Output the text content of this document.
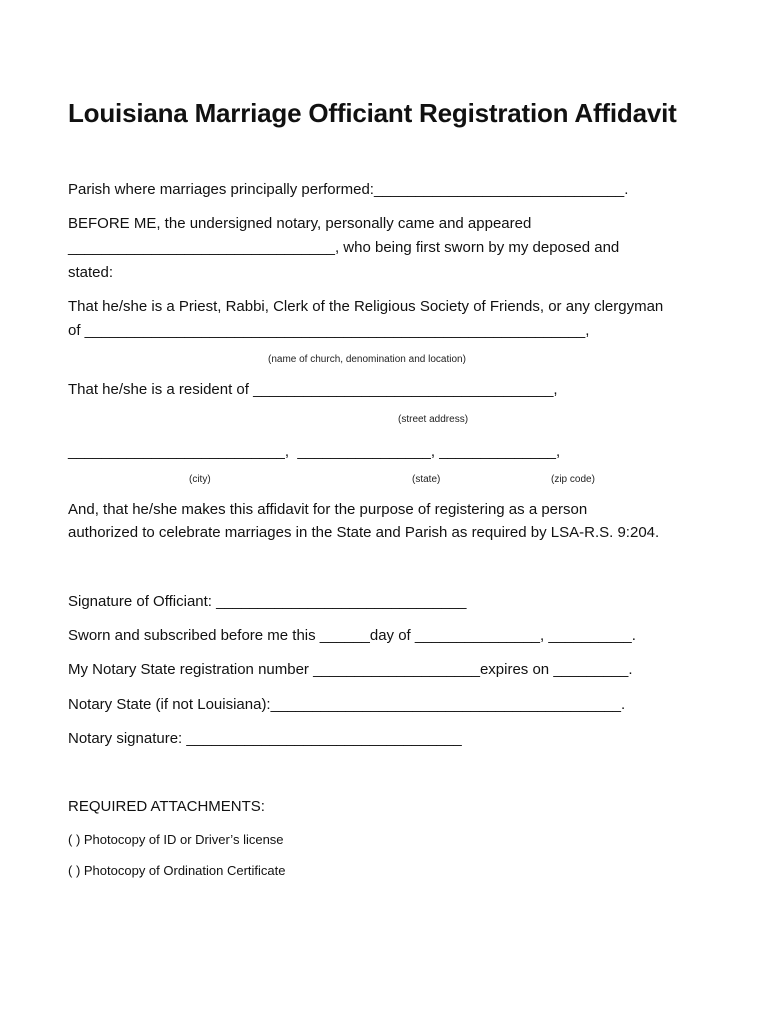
Louisiana Marriage Officiant Registration Affidavit
Parish where marriages principally performed:______________________________.
BEFORE ME, the undersigned notary, personally came and appeared
________________________________, who being first sworn by my deposed and
stated:
That he/she is a Priest, Rabbi, Clerk of the Religious Society of Friends, or any clergyman
of ____________________________________________________________,
(name of church, denomination and location)
That he/she is a resident of ____________________________________,
(street address)
__________________________,  ________________, ______________,
(city)	(state)	(zip code)
And, that he/she makes this affidavit for the purpose of registering as a person
authorized to celebrate marriages in the State and Parish as required by LSA-R.S. 9:204.
Signature of Officiant: ______________________________
Sworn and subscribed before me this ______day of _______________, __________.
My Notary State registration number ____________________expires on _________.
Notary State (if not Louisiana):__________________________________________.
Notary signature: _________________________________
REQUIRED ATTACHMENTS:
( ) Photocopy of ID or Driver’s license
( ) Photocopy of Ordination Certificate
